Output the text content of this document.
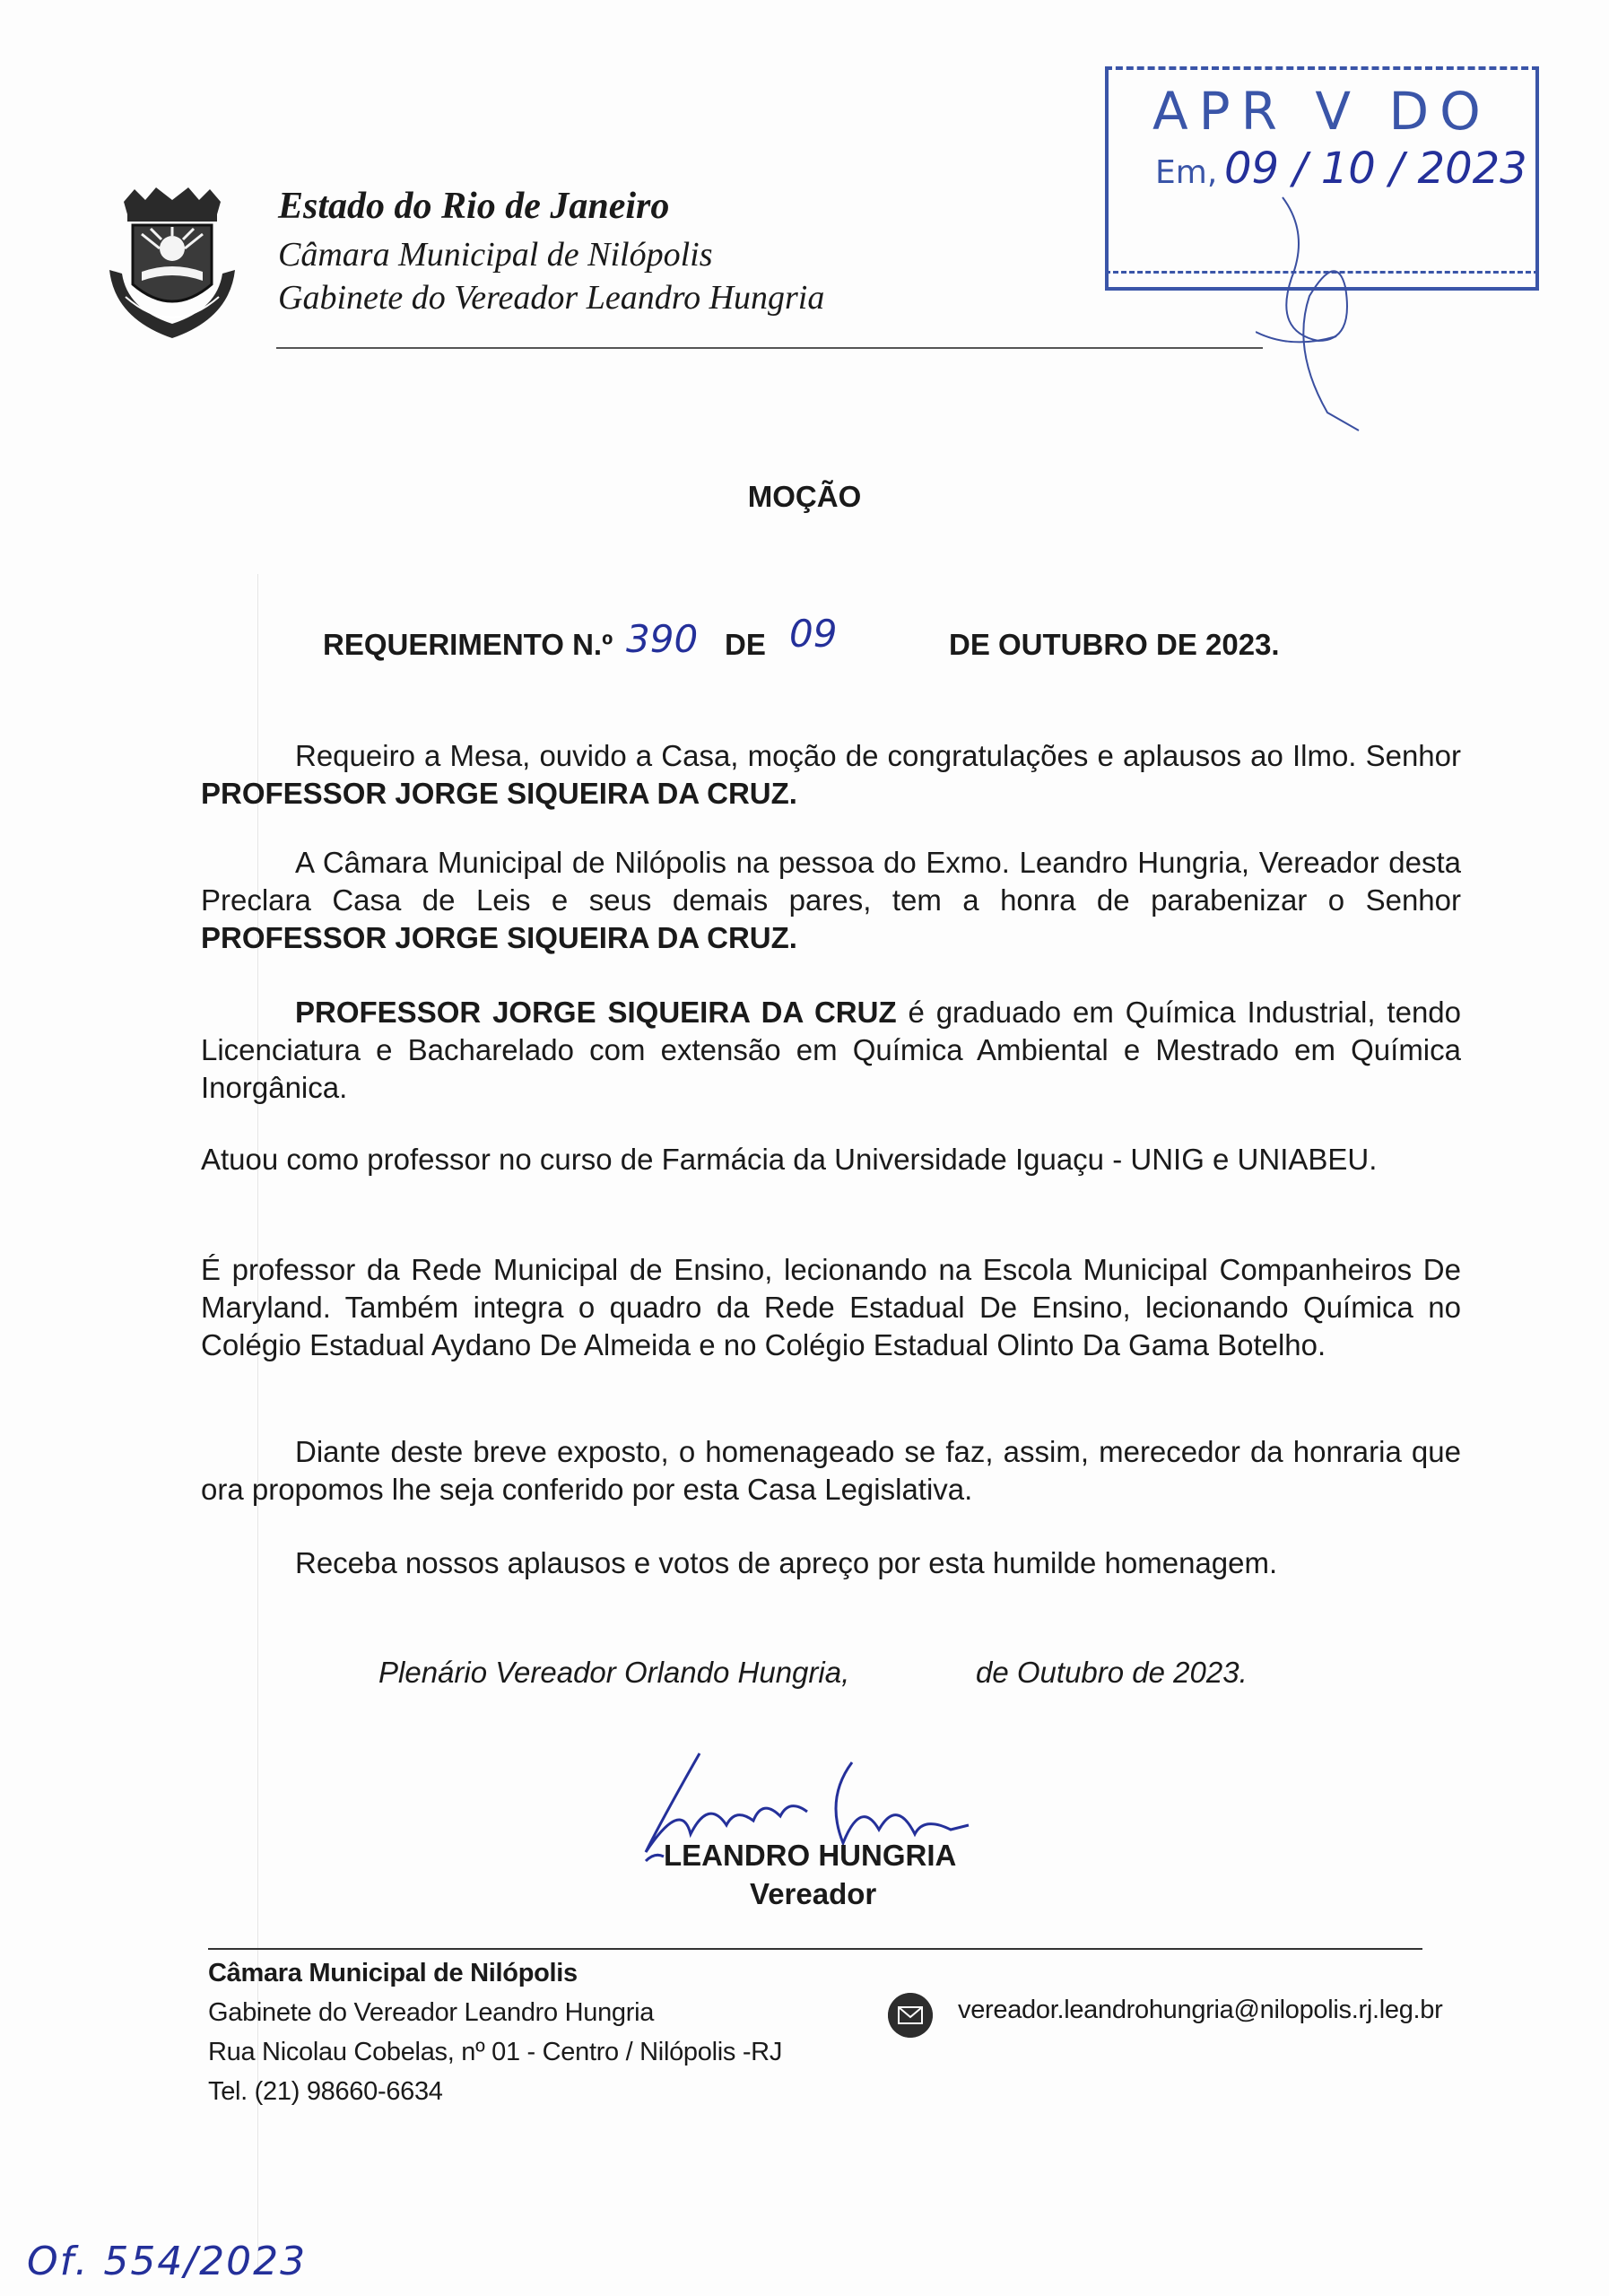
Estado do Rio de Janeiro
Câmara Municipal de Nilópolis
Gabinete do Vereador Leandro Hungria
APR V DO
Em, 09 / 10 / 2023
MOÇÃO
REQUERIMENTO N.º 390 DE 09	DE OUTUBRO DE 2023.
Requeiro a Mesa, ouvido a Casa, moção de congratulações e aplausos ao Ilmo. Senhor PROFESSOR JORGE SIQUEIRA DA CRUZ.
A Câmara Municipal de Nilópolis na pessoa do Exmo. Leandro Hungria, Vereador desta Preclara Casa de Leis e seus demais pares, tem a honra de parabenizar o Senhor PROFESSOR JORGE SIQUEIRA DA CRUZ.
PROFESSOR JORGE SIQUEIRA DA CRUZ é graduado em Química Industrial, tendo Licenciatura e Bacharelado com extensão em Química Ambiental e Mestrado em Química Inorgânica.
Atuou como professor no curso de Farmácia da Universidade Iguaçu - UNIG e UNIABEU.
É professor da Rede Municipal de Ensino, lecionando na Escola Municipal Companheiros De Maryland. Também integra o quadro da Rede Estadual De Ensino, lecionando Química no Colégio Estadual Aydano De Almeida e no Colégio Estadual Olinto Da Gama Botelho.
Diante deste breve exposto, o homenageado se faz, assim, merecedor da honraria que ora propomos lhe seja conferido por esta Casa Legislativa.
Receba nossos aplausos e votos de apreço por esta humilde homenagem.
Plenário Vereador Orlando Hungria,	de Outubro de 2023.
LEANDRO HUNGRIA
Vereador
Câmara Municipal de Nilópolis
Gabinete do Vereador Leandro Hungria
Rua Nicolau Cobelas, nº 01 - Centro / Nilópolis -RJ
Tel. (21) 98660-6634
vereador.leandrohungria@nilopolis.rj.leg.br
Of. 554/2023
